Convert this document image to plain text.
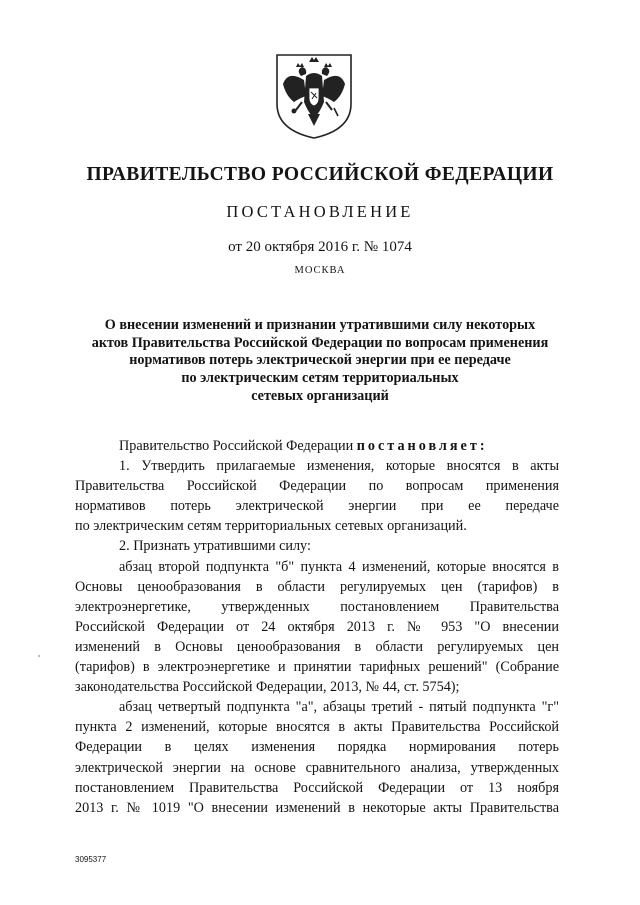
ПРАВИТЕЛЬСТВО РОССИЙСКОЙ ФЕДЕРАЦИИ
ПОСТАНОВЛЕНИЕ
от 20 октября 2016 г. № 1074
МОСКВА
О внесении изменений и признании утратившими силу некоторых
актов Правительства Российской Федерации по вопросам применения
нормативов потерь электрической энергии при ее передаче
по электрическим сетям территориальных
сетевых организаций
Правительство Российской Федерации постановляет:
1. Утвердить прилагаемые изменения, которые вносятся в акты
Правительства Российской Федерации по вопросам применения
нормативов потерь электрической энергии при ее передаче
по электрическим сетям территориальных сетевых организаций.
2. Признать утратившими силу:
абзац второй подпункта "б" пункта 4 изменений, которые вносятся в
Основы ценообразования в области регулируемых цен (тарифов) в
электроэнергетике, утвержденных постановлением Правительства
Российской Федерации от 24 октября 2013 г. № 953 "О внесении
изменений в Основы ценообразования в области регулируемых цен
(тарифов) в электроэнергетике и принятии тарифных решений" (Собрание
законодательства Российской Федерации, 2013, № 44, ст. 5754);
абзац четвертый подпункта "а", абзацы третий - пятый подпункта "г"
пункта 2 изменений, которые вносятся в акты Правительства Российской
Федерации в целях изменения порядка нормирования потерь
электрической энергии на основе сравнительного анализа, утвержденных
постановлением Правительства Российской Федерации от 13 ноября
2013 г. № 1019 "О внесении изменений в некоторые акты Правительства
3095377
